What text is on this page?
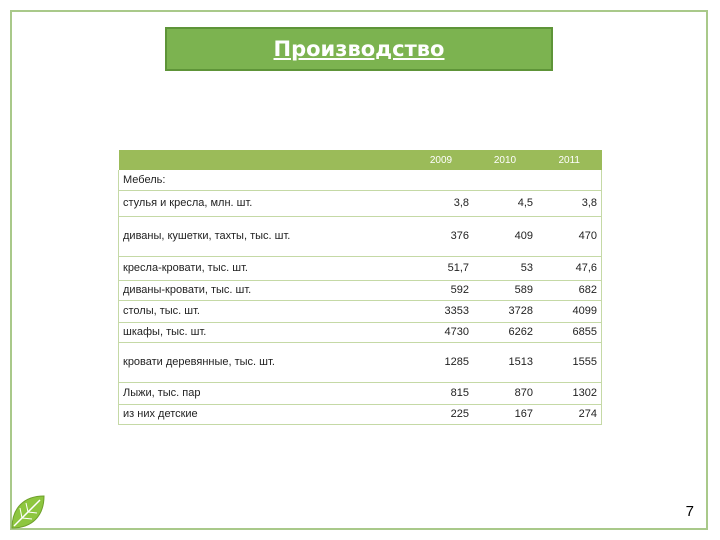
Производство
	2009	2010	2011
Мебель:			
стулья и кресла, млн. шт.	3,8	4,5	3,8
диваны, кушетки, тахты, тыс. шт.	376	409	470
кресла-кровати, тыс. шт.	51,7	53	47,6
диваны-кровати, тыс. шт.	592	589	682
столы, тыс. шт.	3353	3728	4099
шкафы, тыс. шт.	4730	6262	6855
кровати деревянные, тыс. шт.	1285	1513	1555
Лыжи, тыс. пар	815	870	1302
из них детские	225	167	274
7
